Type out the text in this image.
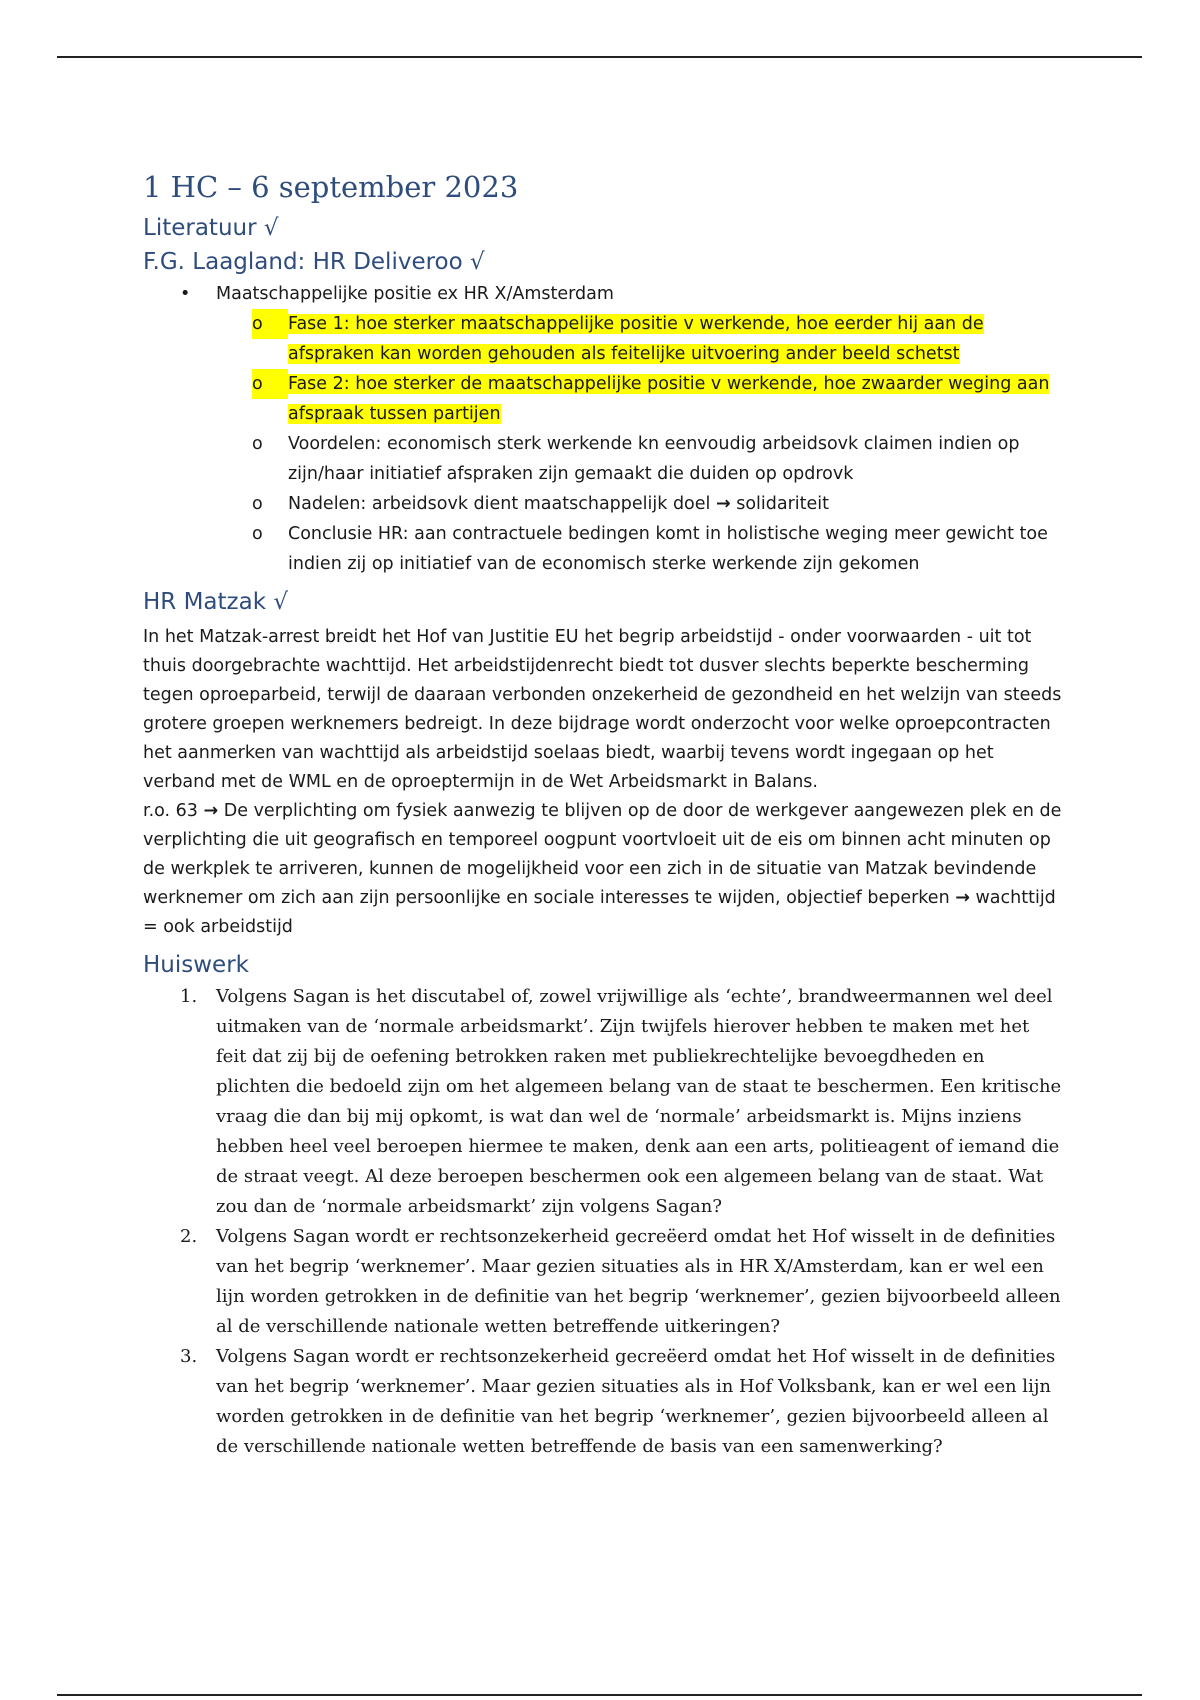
1 HC – 6 september 2023
Literatuur √
F.G. Laagland: HR Deliveroo √
• Maatschappelijke positie ex HR X/Amsterdam
o	Fase 1: hoe sterker maatschappelijke positie v werkende, hoe eerder hij aan de afspraken kan worden gehouden als feitelijke uitvoering ander beeld schetst
o	Fase 2: hoe sterker de maatschappelijke positie v werkende, hoe zwaarder weging aan afspraak tussen partijen
o	Voordelen: economisch sterk werkende kn eenvoudig arbeidsovk claimen indien op zijn/haar initiatief afspraken zijn gemaakt die duiden op opdrovk
o	Nadelen: arbeidsovk dient maatschappelijk doel → solidariteit
o	Conclusie HR: aan contractuele bedingen komt in holistische weging meer gewicht toe indien zij op initiatief van de economisch sterke werkende zijn gekomen
HR Matzak √

In het Matzak-arrest breidt het Hof van Justitie EU het begrip arbeidstijd - onder voorwaarden - uit tot thuis doorgebrachte wachttijd. Het arbeidstijdenrecht biedt tot dusver slechts beperkte bescherming tegen oproeparbeid, terwijl de daaraan verbonden onzekerheid de gezondheid en het welzijn van steeds grotere groepen werknemers bedreigt. In deze bijdrage wordt onderzocht voor welke oproepcontracten het aanmerken van wachttijd als arbeidstijd soelaas biedt, waarbij tevens wordt ingegaan op het verband met de WML en de oproeptermijn in de Wet Arbeidsmarkt in Balans.
r.o. 63 → De verplichting om fysiek aanwezig te blijven op de door de werkgever aangewezen plek en de verplichting die uit geografisch en temporeel oogpunt voortvloeit uit de eis om binnen acht minuten op de werkplek te arriveren, kunnen de mogelijkheid voor een zich in de situatie van Matzak bevindende werknemer om zich aan zijn persoonlijke en sociale interesses te wijden, objectief beperken → wachttijd = ook arbeidstijd

Huiswerk
1. Volgens Sagan is het discutabel of, zowel vrijwillige als ‘echte’, brandweermannen wel deel uitmaken van de ‘normale arbeidsmarkt’. Zijn twijfels hierover hebben te maken met het feit dat zij bij de oefening betrokken raken met publiekrechtelijke bevoegdheden en plichten die bedoeld zijn om het algemeen belang van de staat te beschermen. Een kritische vraag die dan bij mij opkomt, is wat dan wel de ‘normale’ arbeidsmarkt is. Mijns inziens hebben heel veel beroepen hiermee te maken, denk aan een arts, politieagent of iemand die de straat veegt. Al deze beroepen beschermen ook een algemeen belang van de staat. Wat zou dan de ‘normale arbeidsmarkt’ zijn volgens Sagan?
2. Volgens Sagan wordt er rechtsonzekerheid gecreëerd omdat het Hof wisselt in de definities van het begrip ‘werknemer’. Maar gezien situaties als in HR X/Amsterdam, kan er wel een lijn worden getrokken in de definitie van het begrip ‘werknemer’, gezien bijvoorbeeld alleen al de verschillende nationale wetten betreffende uitkeringen?
3. Volgens Sagan wordt er rechtsonzekerheid gecreëerd omdat het Hof wisselt in de definities van het begrip ‘werknemer’. Maar gezien situaties als in Hof Volksbank, kan er wel een lijn worden getrokken in de definitie van het begrip ‘werknemer’, gezien bijvoorbeeld alleen al de verschillende nationale wetten betreffende de basis van een samenwerking?
